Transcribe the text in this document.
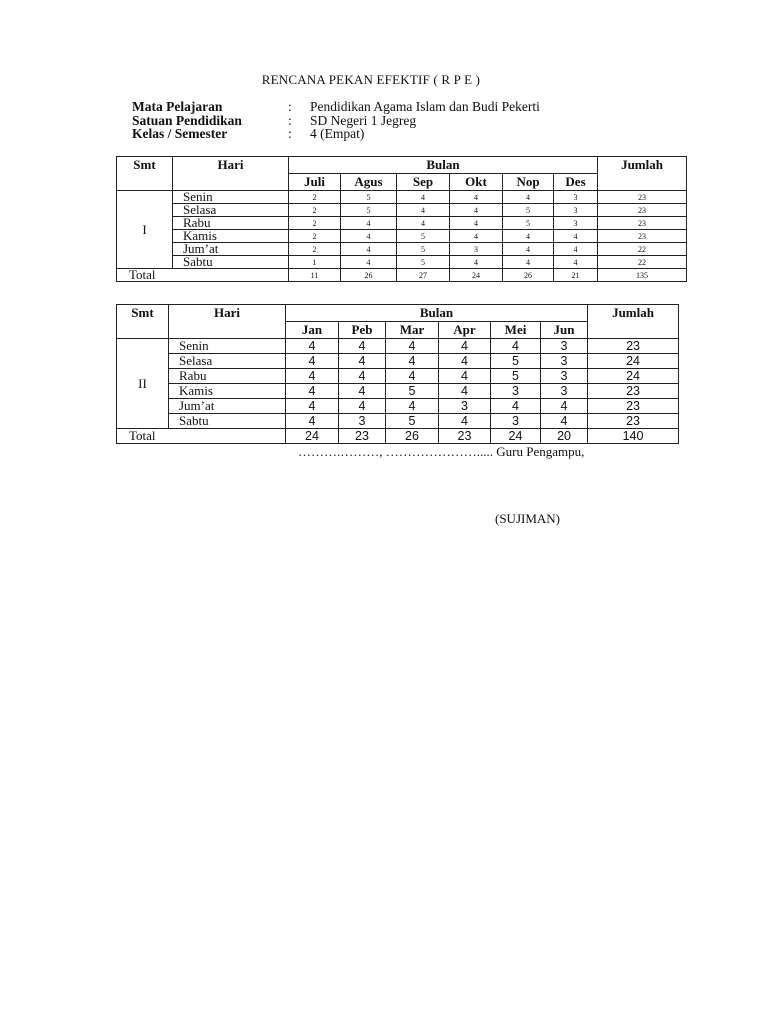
RENCANA PEKAN EFEKTIF ( R P E )
Mata Pelajaran	: Pendidikan Agama Islam dan Budi Pekerti
Satuan Pendidikan	: SD Negeri 1 Jegreg
Kelas / Semester	: 4 (Empat)
Smt	Hari	Bulan						Jumlah
		Juli	Agus	Sep	Okt	Nop	Des	
I	Senin	2	5	4	4	4	3	23
	Selasa	2	5	4	4	5	3	23
	Rabu	2	4	4	4	5	3	23
	Kamis	2	4	5	4	4	4	23
	Jum’at	2	4	5	3	4	4	22
	Sabtu	1	4	5	4	4	4	22
Total		11	26	27	24	26	21	135
Smt	Hari	Bulan						Jumlah
		Jan	Peb	Mar	Apr	Mei	Jun	
II	Senin	4	4	4	4	4	3	23
	Selasa	4	4	4	4	5	3	24
	Rabu	4	4	4	4	5	3	24
	Kamis	4	4	5	4	3	3	23
	Jum’at	4	4	4	3	4	4	23
	Sabtu	4	3	5	4	3	4	23
Total		24	23	26	23	24	20	140
……….………, …………………..... Guru Pengampu,
(SUJIMAN)
